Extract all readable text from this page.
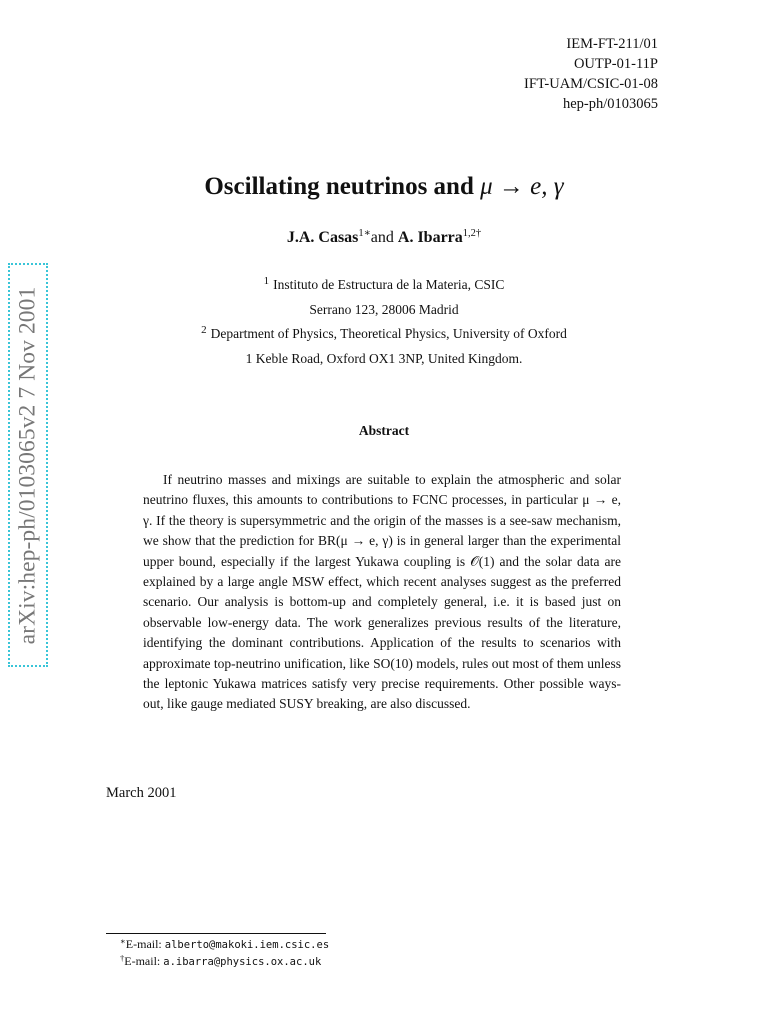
IEM-FT-211/01
OUTP-01-11P
IFT-UAM/CSIC-01-08
hep-ph/0103065
arXiv:hep-ph/0103065v2 7 Nov 2001
Oscillating neutrinos and μ → e, γ
J.A. Casas$^{1∗}$and A. Ibarra$^{1,2\dagger}$
$^1$ Instituto de Estructura de la Materia, CSIC
Serrano 123, 28006 Madrid
$^2$ Department of Physics, Theoretical Physics, University of Oxford
1 Keble Road, Oxford OX1 3NP, United Kingdom.
Abstract
If neutrino masses and mixings are suitable to explain the atmospheric and solar neutrino fluxes, this amounts to contributions to FCNC processes, in particular μ → e, γ. If the theory is supersymmetric and the origin of the masses is a see-saw mechanism, we show that the prediction for BR(μ → e, γ) is in general larger than the experimental upper bound, especially if the largest Yukawa coupling is 𝒪(1) and the solar data are explained by a large angle MSW effect, which recent analyses suggest as the preferred scenario. Our analysis is bottom-up and completely general, i.e. it is based just on observable low-energy data. The work generalizes previous results of the literature, identifying the dominant contributions. Application of the results to scenarios with approximate top-neutrino unification, like SO(10) models, rules out most of them unless the leptonic Yukawa matrices satisfy very precise requirements. Other possible ways-out, like gauge mediated SUSY breaking, are also discussed.
March 2001
∗E-mail: alberto@makoki.iem.csic.es
†E-mail: a.ibarra@physics.ox.ac.uk
